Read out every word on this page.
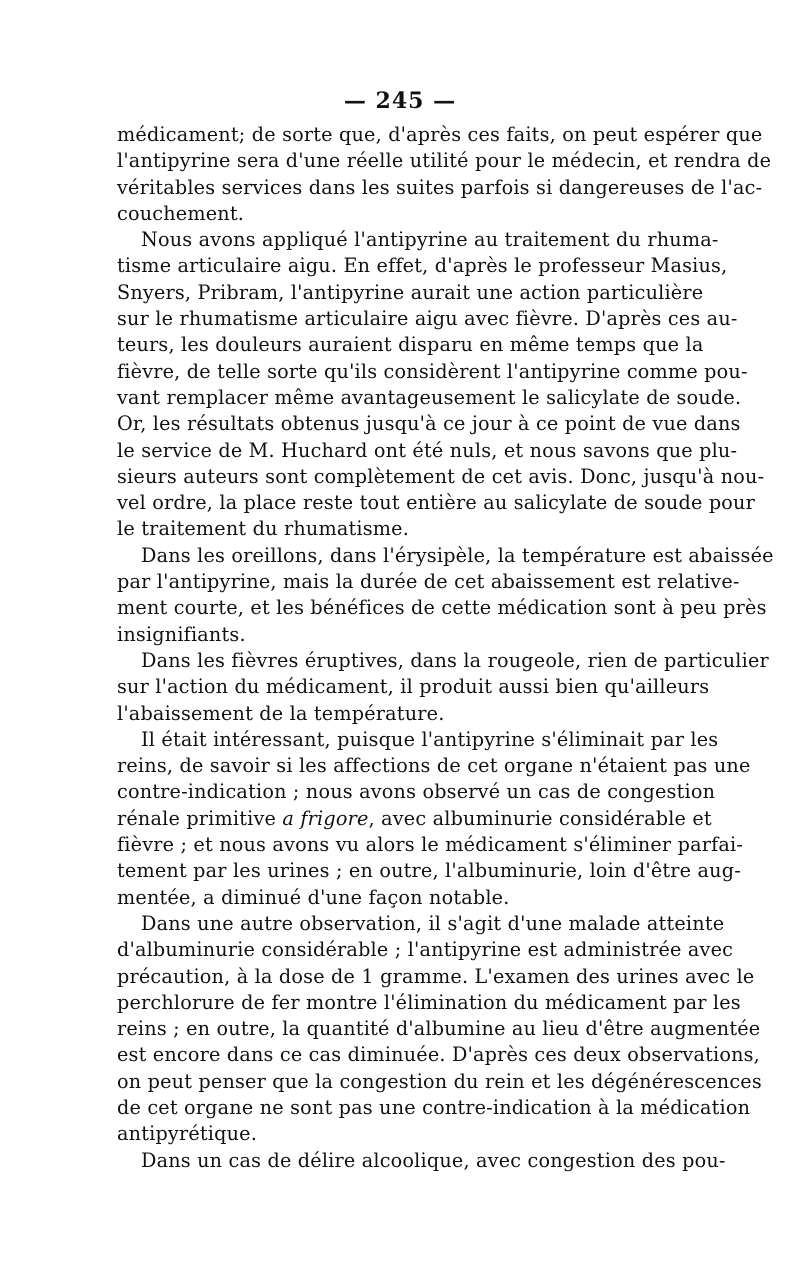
— 245 —

médicament; de sorte que, d'après ces faits, on peut espérer que
l'antipyrine sera d'une réelle utilité pour le médecin, et rendra de
véritables services dans les suites parfois si dangereuses de l'ac-
couchement.

Nous avons appliqué l'antipyrine au traitement du rhuma-
tisme articulaire aigu. En effet, d'après le professeur Masius,
Snyers, Pribram, l'antipyrine aurait une action particulière
sur le rhumatisme articulaire aigu avec fièvre. D'après ces au-
teurs, les douleurs auraient disparu en même temps que la
fièvre, de telle sorte qu'ils considèrent l'antipyrine comme pou-
vant remplacer même avantageusement le salicylate de soude.
Or, les résultats obtenus jusqu'à ce jour à ce point de vue dans
le service de M. Huchard ont été nuls, et nous savons que plu-
sieurs auteurs sont complètement de cet avis. Donc, jusqu'à nou-
vel ordre, la place reste tout entière au salicylate de soude pour
le traitement du rhumatisme.

Dans les oreillons, dans l'érysipèle, la température est abaissée
par l'antipyrine, mais la durée de cet abaissement est relative-
ment courte, et les bénéfices de cette médication sont à peu près
insignifiants.

Dans les fièvres éruptives, dans la rougeole, rien de particulier
sur l'action du médicament, il produit aussi bien qu'ailleurs
l'abaissement de la température.

Il était intéressant, puisque l'antipyrine s'éliminait par les
reins, de savoir si les affections de cet organe n'étaient pas une
contre-indication ; nous avons observé un cas de congestion
rénale primitive a frigore, avec albuminurie considérable et
fièvre ; et nous avons vu alors le médicament s'éliminer parfai-
tement par les urines ; en outre, l'albuminurie, loin d'être aug-
mentée, a diminué d'une façon notable.

Dans une autre observation, il s'agit d'une malade atteinte
d'albuminurie considérable ; l'antipyrine est administrée avec
précaution, à la dose de 1 gramme. L'examen des urines avec le
perchlorure de fer montre l'élimination du médicament par les
reins ; en outre, la quantité d'albumine au lieu d'être augmentée
est encore dans ce cas diminuée. D'après ces deux observations,
on peut penser que la congestion du rein et les dégénérescences
de cet organe ne sont pas une contre-indication à la médication
antipyrétique.

Dans un cas de délire alcoolique, avec congestion des pou-
